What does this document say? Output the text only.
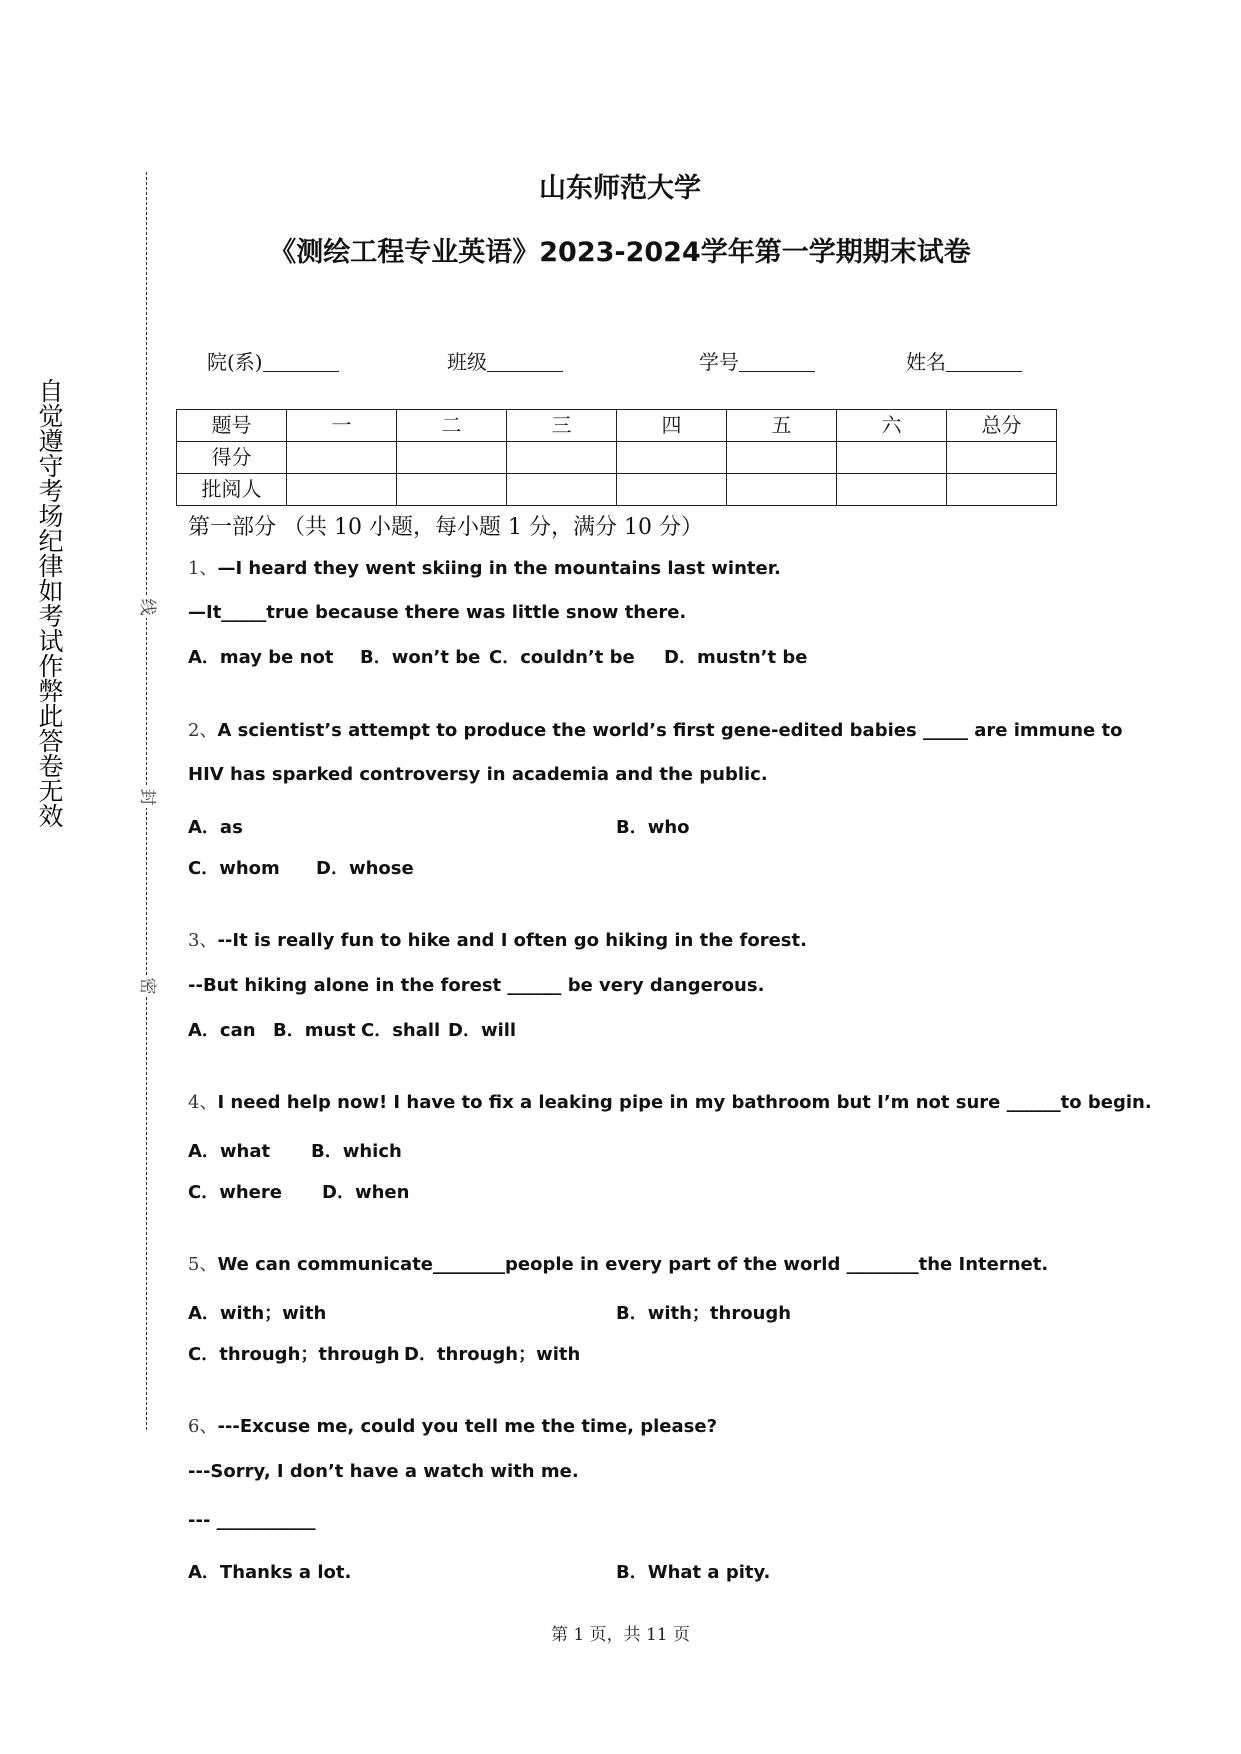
自觉遵守考场纪律如考试作弊此答卷无效	线
封
密
山东师范大学
《测绘工程专业英语》2023-2024学年第一学期期末试卷
院(系)	班级	学号	姓名
题号	一	二	三	四	五	六	总分
得分							
批阅人							
第一部分 （共 10 小题，每小题 1 分，满分 10 分）
1、—I heard they went skiing in the mountains last winter.
—It_____true because there was little snow there.
A．may be not B．won’t be C．couldn’t be D．mustn’t be
2、A scientist’s attempt to produce the world’s first gene-edited babies _____ are immune to
HIV has sparked controversy in academia and the public.
A．as	B．who
C．whom D．whose
3、--It is really fun to hike and I often go hiking in the forest.
--But hiking alone in the forest ______ be very dangerous.
A．can B．must C．shall D．will
4、I need help now! I have to fix a leaking pipe in my bathroom but I’m not sure ______to begin.
A．what B．which
C．where D．when
5、We can communicate________people in every part of the world ________the Internet.
A．with；with	B．with；through
C．through；through D．through；with
6、---Excuse me, could you tell me the time, please?
---Sorry, I don’t have a watch with me.
--- ___________
A．Thanks a lot.	B．What a pity.
第 1 页，共 11 页
